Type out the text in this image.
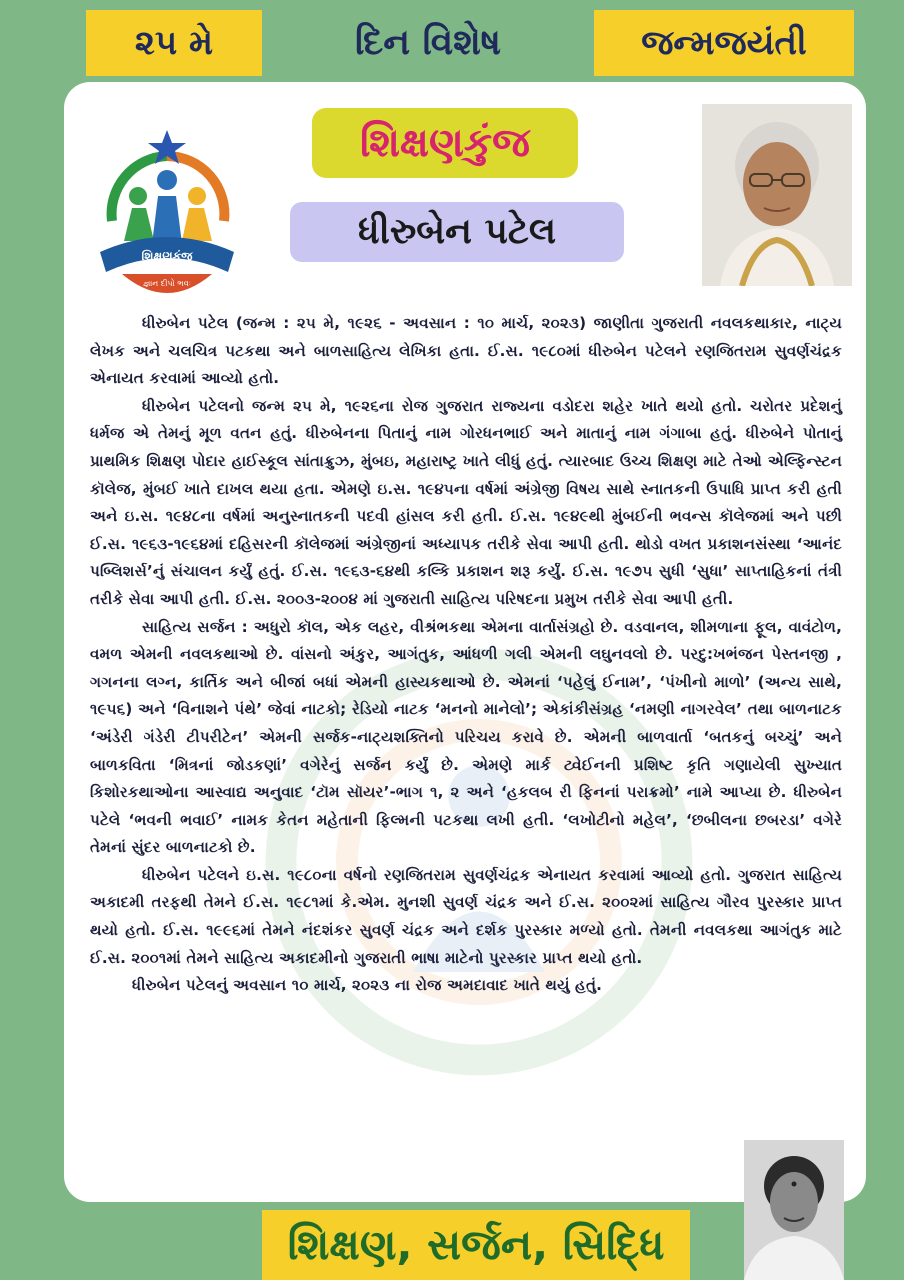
૨૫ મે	દિન વિશેષ	જન્મજયંતી
શિક્ષણકુંજ
જ્ઞાન દીપો ભવઃ
શિક્ષણકુંજ
ધીરુબેન પટેલ

ધીરુબેન પટેલ (જન્મ : ૨૫ મે, ૧૯૨૬ - અવસાન : ૧૦ માર્ચ, ૨૦૨૩) જાણીતા ગુજરાતી નવલકથાકાર, નાટ્ય લેખક અને ચલચિત્ર પટકથા અને બાળસાહિત્ય લેખિકા હતા. ઈ.સ. ૧૯૮૦માં ધીરુબેન પટેલને રણજિતરામ સુવર્ણચંદ્રક એનાયત કરવામાં આવ્યો હતો.

ધીરુબેન પટેલનો જન્મ ૨૫ મે, ૧૯૨૬ના રોજ ગુજરાત રાજ્યના વડોદરા શહેર ખાતે થયો હતો. ચરોતર પ્રદેશનું ધર્મજ એ તેમનું મૂળ વતન હતું. ધીરુબેનના પિતાનું નામ ગોરધનભાઈ અને માતાનું નામ ગંગાબા હતું. ધીરુબેને પોતાનું પ્રાથમિક શિક્ષણ પોદાર હાઈસ્કૂલ સાંતાક્રુઝ, મુંબઇ, મહારાષ્ટ્ર ખાતે લીધું હતું. ત્યારબાદ ઉચ્ચ શિક્ષણ માટે તેઓ એલ્ફિન્સ્ટન કૉલેજ, મુંબઈ ખાતે દાખલ થયા હતા. એમણે ઇ.સ. ૧૯૪૫ના વર્ષમાં અંગ્રેજી વિષય સાથે સ્નાતકની ઉપાધિ પ્રાપ્ત કરી હતી અને ઇ.સ. ૧૯૪૮ના વર્ષમાં અનુસ્નાતકની પદવી હાંસલ કરી હતી. ઈ.સ. ૧૯૪૯થી મુંબઈની ભવન્સ કૉલેજમાં અને પછી ઈ.સ. ૧૯૬૩-૧૯૬૪માં દહિસરની કૉલેજમાં અંગ્રેજીનાં અધ્યાપક તરીકે સેવા આપી હતી. થોડો વખત પ્રકાશનસંસ્થા ‘આનંદ પબ્લિશર્સ’નું સંચાલન કર્યું હતું. ઈ.સ. ૧૯૬૩-૬૪થી કલ્કિ પ્રકાશન શરૂ કર્યું. ઈ.સ. ૧૯૭૫ સુધી ‘સુધા’ સાપ્તાહિકનાં તંત્રી તરીકે સેવા આપી હતી. ઈ.સ. ૨૦૦૩-૨૦૦૪ માં ગુજરાતી સાહિત્ય પરિષદના પ્રમુખ તરીકે સેવા આપી હતી.

સાહિત્ય સર્જન : અધુરો કૉલ, એક લહર, વીશ્રંભકથા એમના વાર્તાસંગ્રહો છે. વડવાનલ, શીમળાના ફૂલ, વાવંટોળ, વમળ એમની નવલકથાઓ છે. વાંસનો અંકુર, આગંતુક, આંધળી ગલી એમની લઘુનવલો છે. પરદુ:ખભંજન પેસ્તનજી , ગગનના લગ્ન, કાર્તિક અને બીજાં બધાં એમની હાસ્યકથાઓ છે. એમનાં ‘પહેલું ઈનામ’, ‘પંખીનો માળો’ (અન્ય સાથે, ૧૯૫૬) અને ‘વિનાશને પંથે’ જેવાં નાટકો; રેડિયો નાટક ‘મનનો માનેલો’; એકાંકીસંગ્રહ ‘નમણી નાગરવેલ’ તથા બાળનાટક ‘અંડેરી ગંડેરી ટીપરીટેન’ એમની સર્જક-નાટ્યશક્તિનો પરિચય કરાવે છે. એમની બાળવાર્તા ‘બતકનું બચ્ચું’ અને બાળકવિતા ‘મિત્રનાં જોડકણાં’ વગેરેનું સર્જન કર્યું છે. એમણે માર્ક ટ્વેઈનની પ્રશિષ્ટ કૃતિ ગણાયેલી સુખ્યાત કિશોરકથાઓના આસ્વાદ્ય અનુવાદ ‘ટૉમ સૉયર’-ભાગ ૧, ૨ અને ‘હકલબ રી ફિનનાં પરાક્રમો’ નામે આપ્યા છે. ધીરુબેન પટેલે ‘ભવની ભવાઈ’ નામક કેતન મહેતાની ફિલ્મની પટકથા લખી હતી. ‘લખોટીનો મહેલ’, ‘છબીલના છબરડા’ વગેરે તેમનાં સુંદર બાળનાટકો છે.

ધીરુબેન પટેલને ઇ.સ. ૧૯૮૦ના વર્ષનો રણજિતરામ સુવર્ણચંદ્રક એનાયત કરવામાં આવ્યો હતો. ગુજરાત સાહિત્ય અકાદમી તરફથી તેમને ઈ.સ. ૧૯૮૧માં કે.એમ. મુનશી સુવર્ણ ચંદ્રક અને ઈ.સ. ૨૦૦૨માં સાહિત્ય ગૌરવ પુરસ્કાર પ્રાપ્ત થયો હતો. ઈ.સ. ૧૯૯૬માં તેમને નંદશંકર સુવર્ણ ચંદ્રક અને દર્શક પુરસ્કાર મળ્યો હતો. તેમની નવલકથા આગંતુક માટે ઈ.સ. ૨૦૦૧માં તેમને સાહિત્ય અકાદમીનો ગુજરાતી ભાષા માટેનો પુરસ્કાર પ્રાપ્ત થયો હતો.

ધીરુબેન પટેલનું અવસાન ૧૦ માર્ચ, ૨૦૨૩ ના રોજ અમદાવાદ ખાતે થયું હતું.

શિક્ષણ, સર્જન, સિદ્ધિ
